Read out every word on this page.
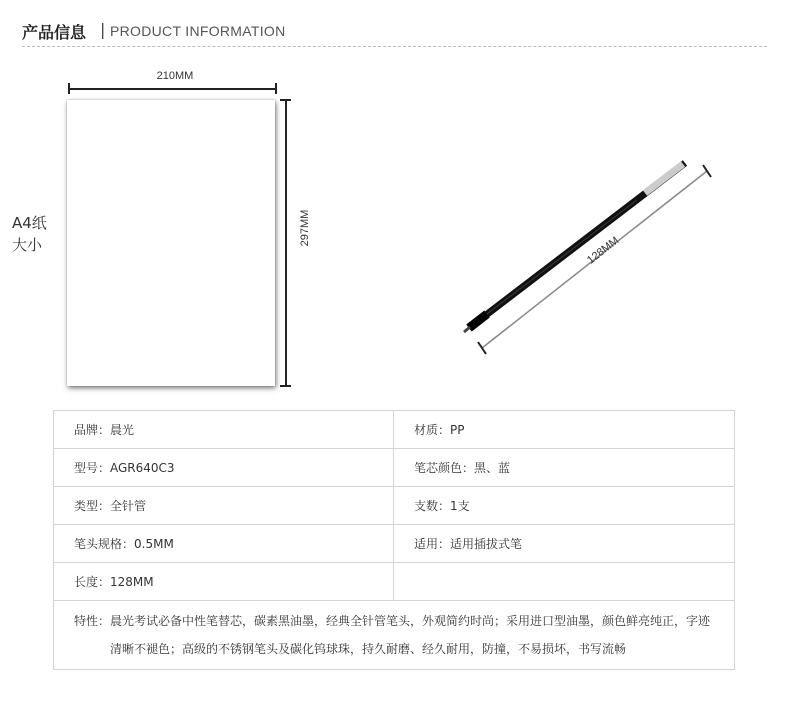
产品信息 | PRODUCT INFORMATION
A4纸
大小
210MM
297MM
128MM
品牌：晨光	材质：PP
型号：AGR640C3	笔芯颜色：黑、蓝
类型：全针管	支数：1支
笔头规格：0.5MM	适用：适用插拔式笔
长度：128MM	

特性： 晨光考试必备中性笔替芯，碳素黑油墨，经典全针管笔头，外观简约时尚；采用进口型油墨，颜色鲜亮纯正，字迹清晰不褪色；高级的不锈钢笔头及碳化钨球珠，持久耐磨、经久耐用，防撞，不易损坏，书写流畅	
